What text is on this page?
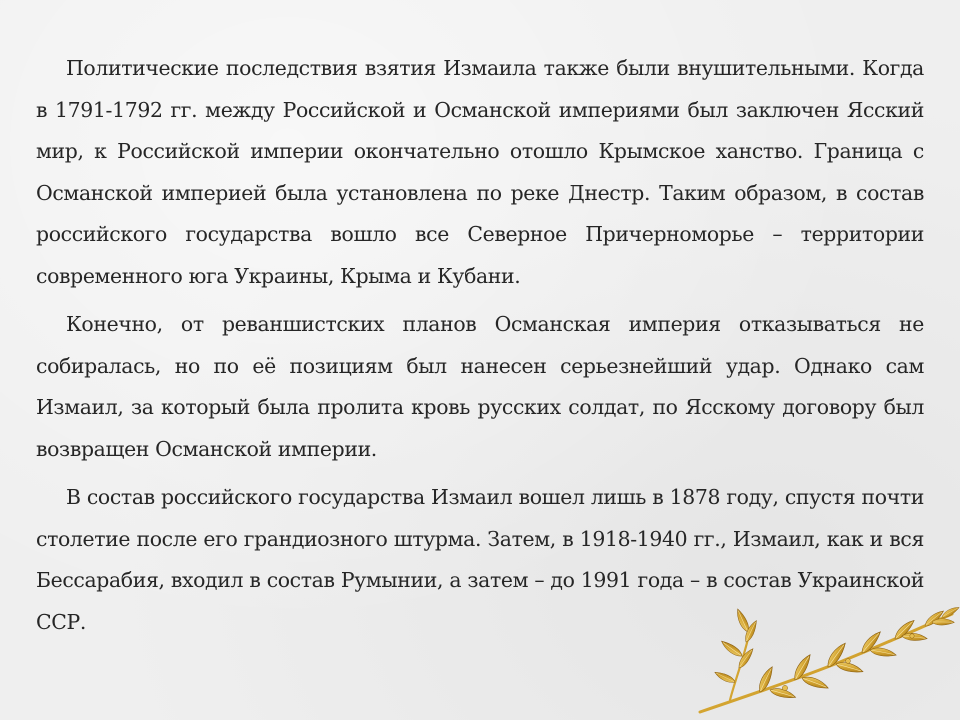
Политические последствия взятия Измаила также были внушительными. Когда в 1791-1792 гг. между Российской и Османской империями был заключен Ясский мир, к Российской империи окончательно отошло Крымское ханство. Граница с Османской империей была установлена по реке Днестр. Таким образом, в состав российского государства вошло все Северное Причерноморье – территории современного юга Украины, Крыма и Кубани.

Конечно, от реваншистских планов Османская империя отказываться не собиралась, но по её позициям был нанесен серьезнейший удар. Однако сам Измаил, за который была пролита кровь русских солдат, по Ясскому договору был возвращен Османской империи.

В состав российского государства Измаил вошел лишь в 1878 году, спустя почти столетие после его грандиозного штурма. Затем, в 1918-1940 гг., Измаил, как и вся Бессарабия, входил в состав Румынии, а затем – до 1991 года – в состав Украинской ССР.
